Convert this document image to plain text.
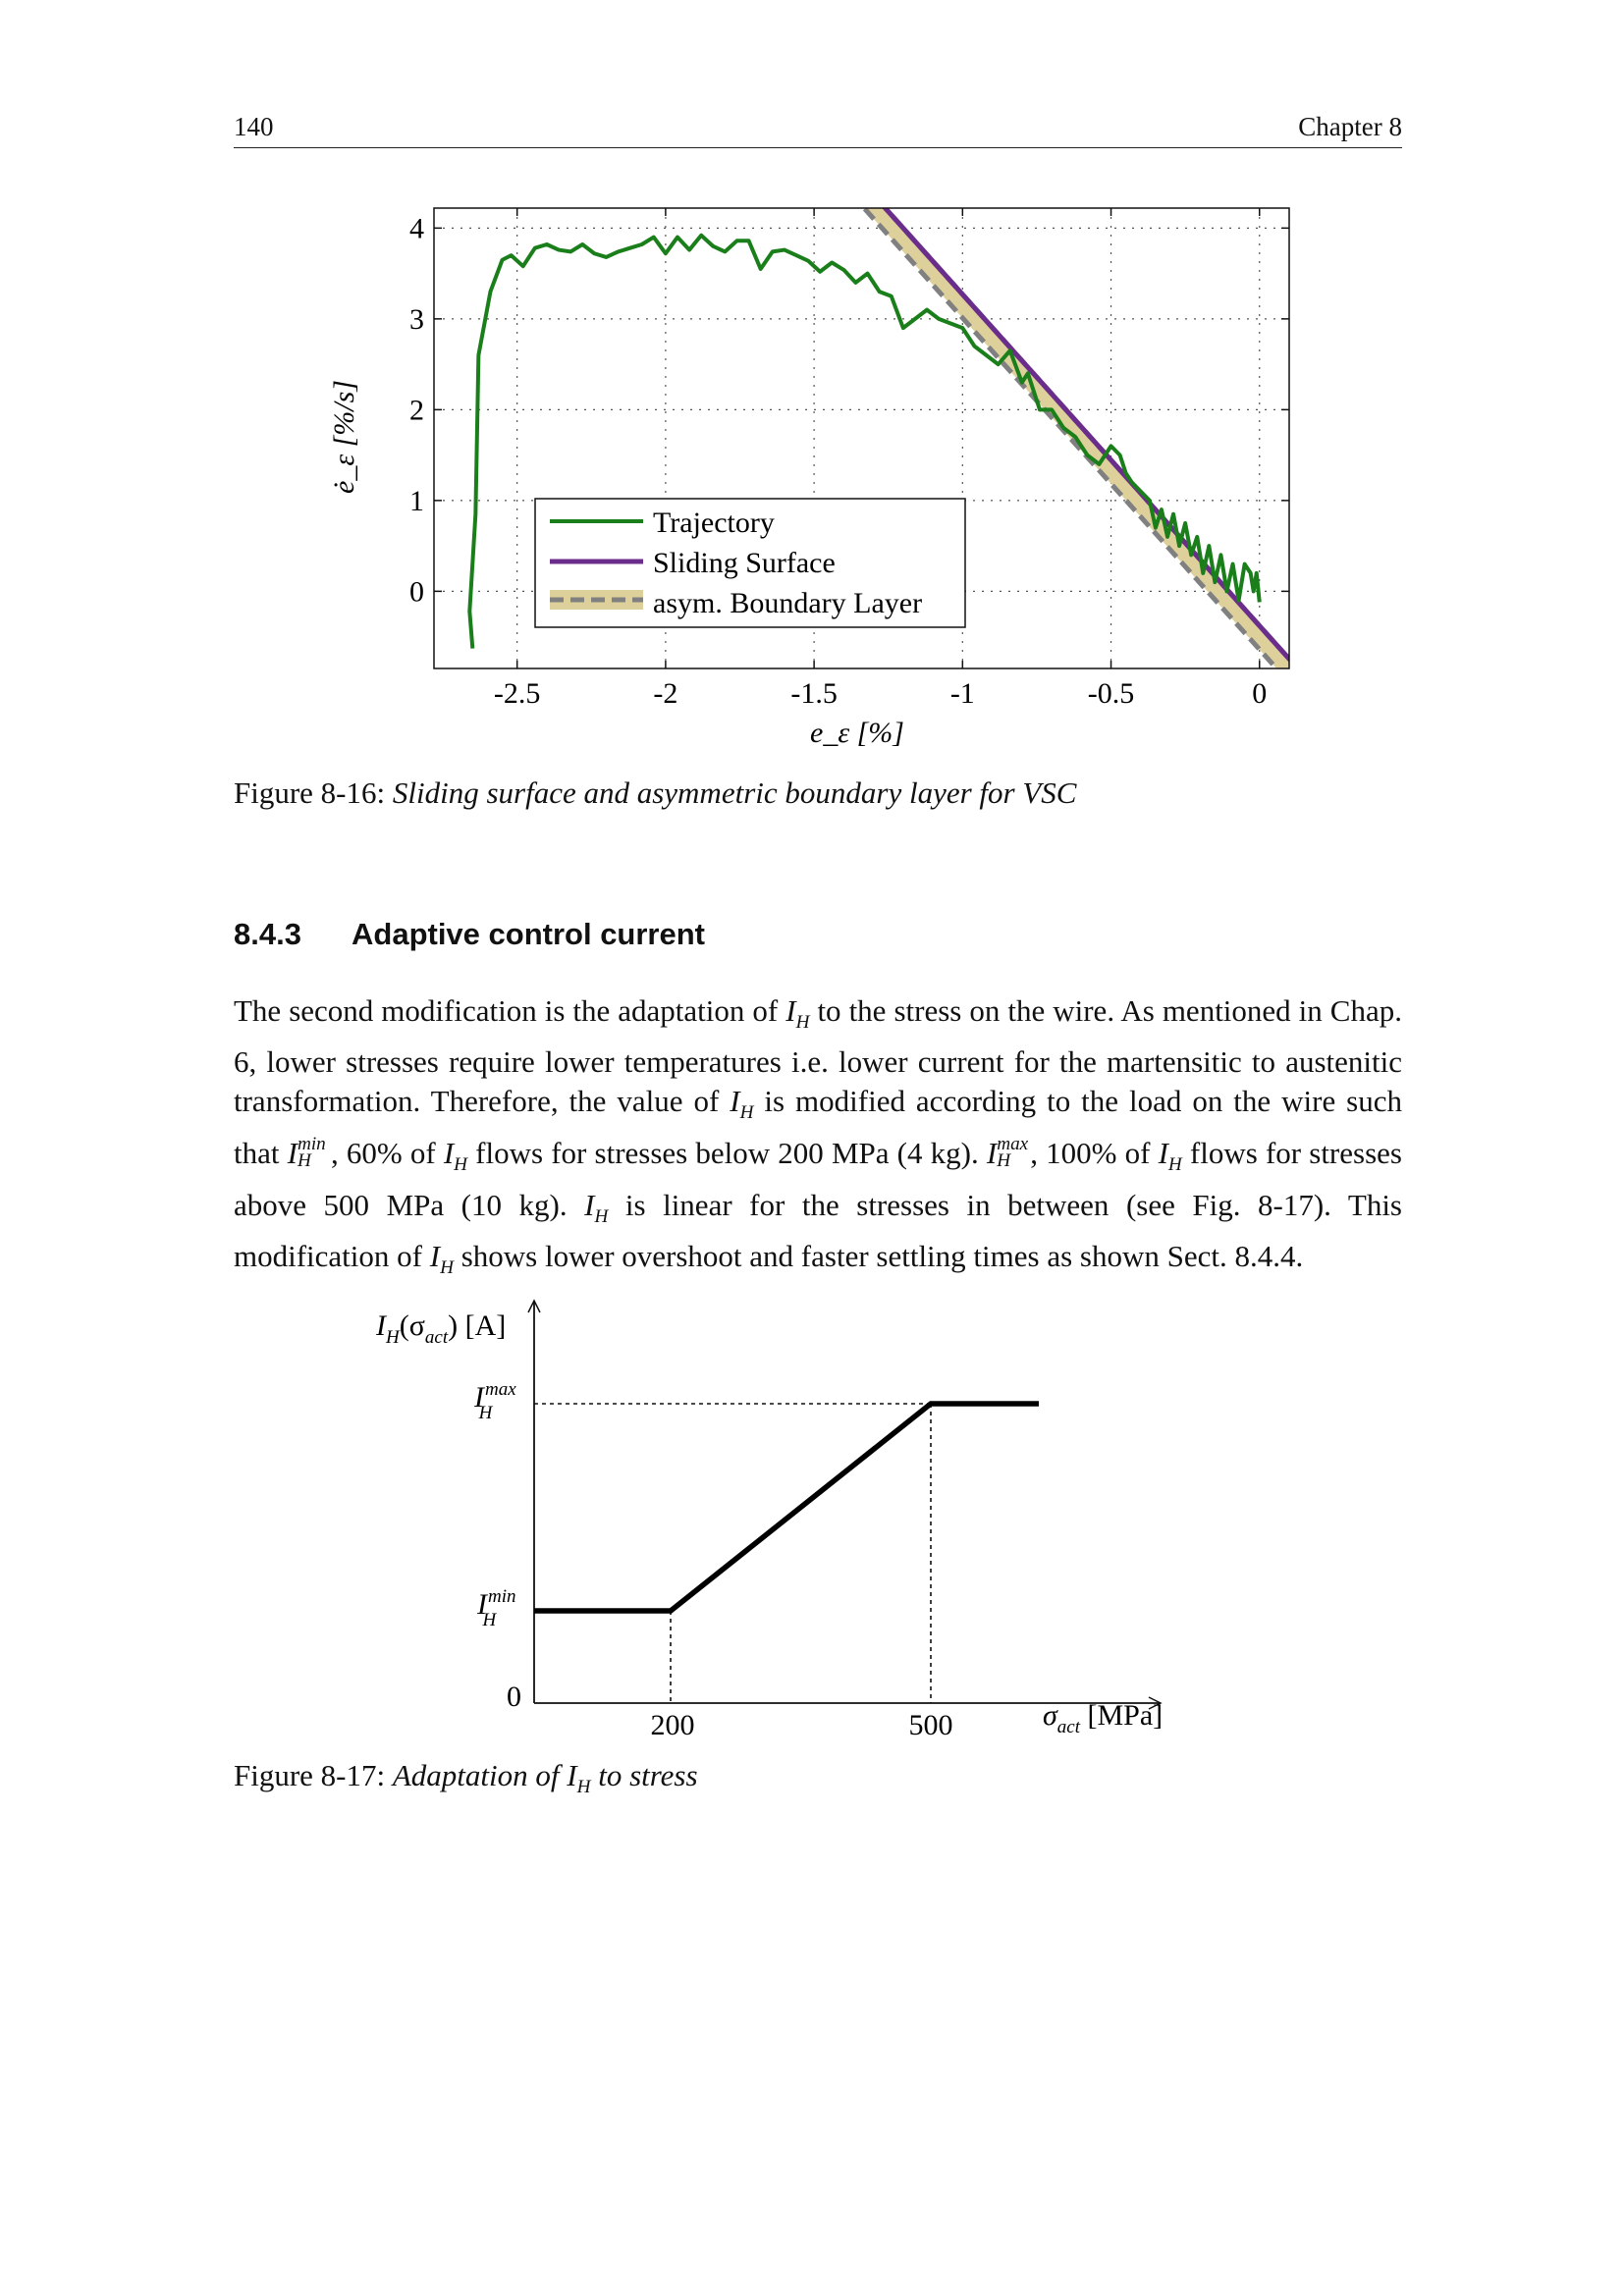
140	Chapter 8
-2.5	-2	-1.5	-1	-0.5	0
0
1
2
3
4
Trajectory
Sliding Surface
asym. Boundary Layer
e_ε [%]
ė_ε [%/s]
Figure 8-16: Sliding surface and asymmetric boundary layer for VSC
8.4.3 Adaptive control current

The second modification is the adaptation of $I_H$ to the stress on the wire. As mentioned in Chap. 6, lower stresses require lower temperatures i.e. lower current for the martensitic to austenitic transformation. Therefore, the value of $I_H$ is modified according to the load on the wire such that I min
H , 60% of $I_H$ flows for stresses below 200 MPa (4 kg). I max
H , 100% of $I_H$ flows for stresses above 500 MPa (10 kg). $I_H$ is linear for the stresses in between (see Fig. 8-17). This modification of $I_H$ shows lower overshoot and faster settling times as shown Sect. 8.4.4.

$I_H(\sigma_{act})$ [A]
$I^{max}$ H
$I^{min}$ H
0
200	500	$\sigma_{act}$ [MPa]
Figure 8-17: Adaptation of $I_H$ to stress
